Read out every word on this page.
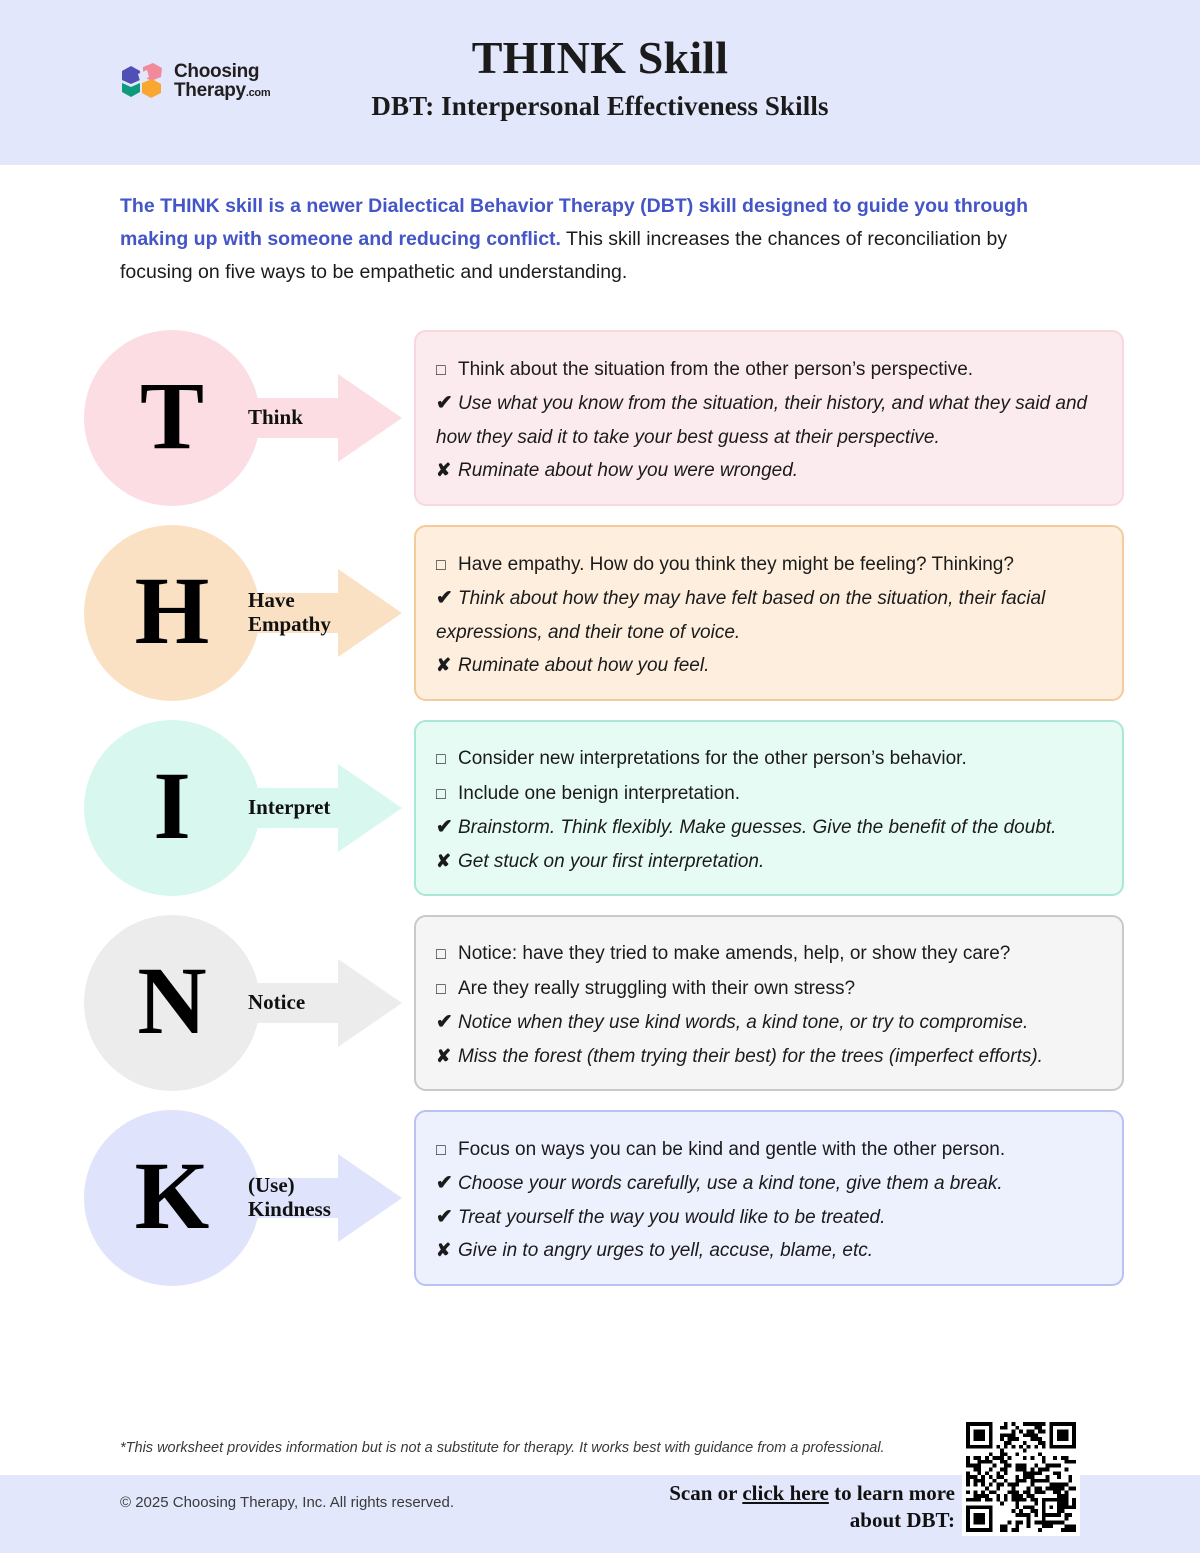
Choosing
Therapy.com
THINK Skill
DBT: Interpersonal Effectiveness Skills
The THINK skill is a newer Dialectical Behavior Therapy (DBT) skill designed to guide you through making up with someone and reducing conflict. This skill increases the chances of reconciliation by focusing on five ways to be empathetic and understanding.
T Think
□ Think about the situation from the other person’s perspective.
✔ Use what you know from the situation, their history, and what they said and how they said it to take your best guess at their perspective.
✘ Ruminate about how you were wronged.
H Have
Empathy
□ Have empathy. How do you think they might be feeling? Thinking?
✔ Think about how they may have felt based on the situation, their facial expressions, and their tone of voice.
✘ Ruminate about how you feel.
I	Interpret
□ Consider new interpretations for the other person’s behavior.
□ Include one benign interpretation.
✔ Brainstorm. Think flexibly. Make guesses. Give the benefit of the doubt.
✘ Get stuck on your first interpretation.
N Notice
□ Notice: have they tried to make amends, help, or show they care?
□ Are they really struggling with their own stress?
✔ Notice when they use kind words, a kind tone, or try to compromise.
✘ Miss the forest (them trying their best) for the trees (imperfect efforts).
K (Use)
Kindness
□ Focus on ways you can be kind and gentle with the other person.
✔ Choose your words carefully, use a kind tone, give them a break.
✔ Treat yourself the way you would like to be treated.
✘ Give in to angry urges to yell, accuse, blame, etc.
*This worksheet provides information but is not a substitute for therapy. It works best with guidance from a professional.
© 2025 Choosing Therapy, Inc. All rights reserved.	Scan or click here to learn more
about DBT:
